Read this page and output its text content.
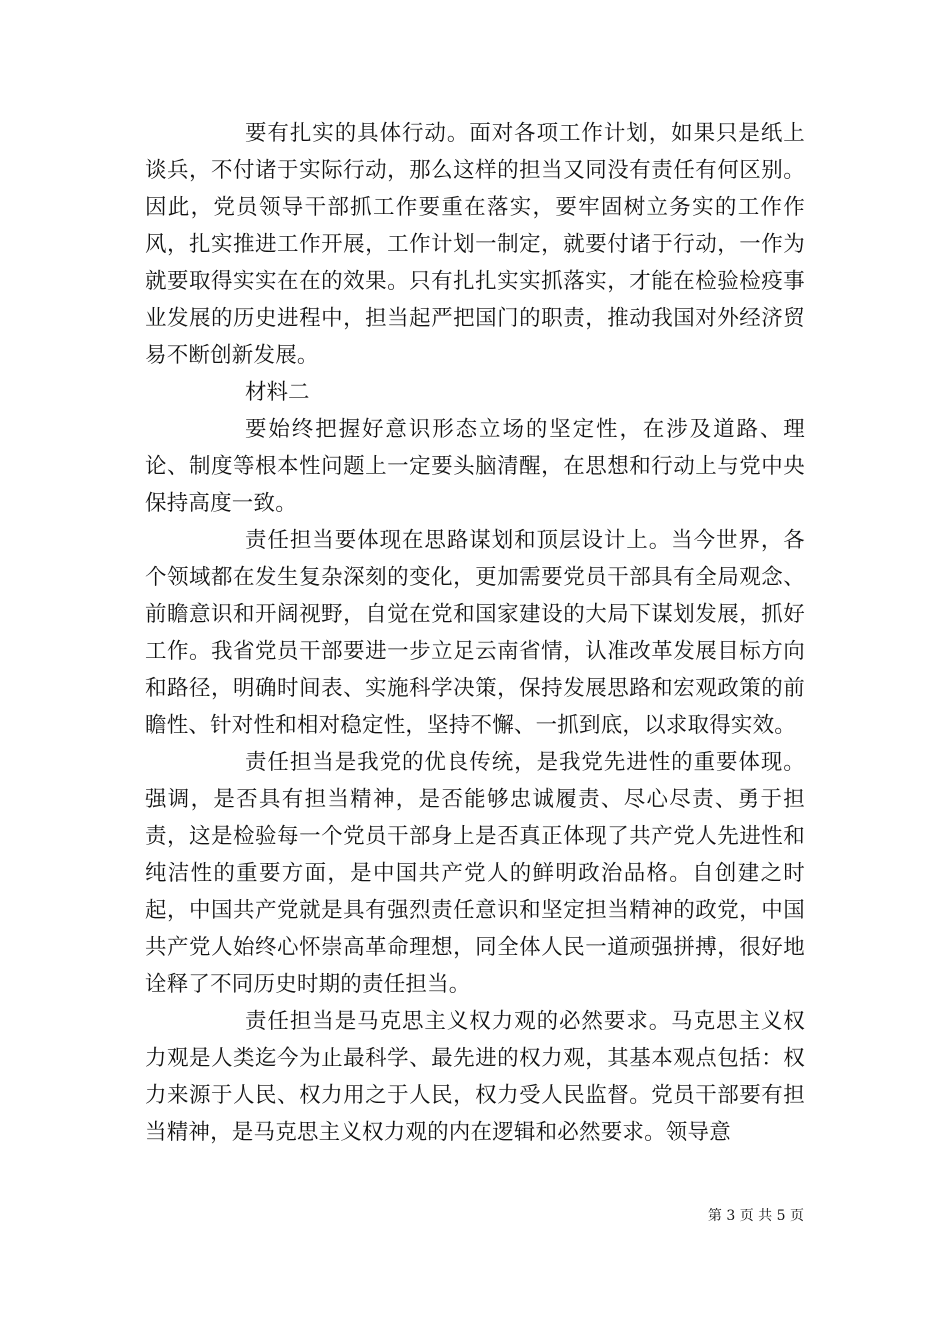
要有扎实的具体行动。面对各项工作计划，如果只是纸上谈兵，不付诸于实际行动，那么这样的担当又同没有责任有何区别。因此，党员领导干部抓工作要重在落实，要牢固树立务实的工作作风，扎实推进工作开展，工作计划一制定，就要付诸于行动，一作为就要取得实实在在的效果。只有扎扎实实抓落实，才能在检验检疫事业发展的历史进程中，担当起严把国门的职责，推动我国对外经济贸易不断创新发展。

材料二

要始终把握好意识形态立场的坚定性，在涉及道路、理论、制度等根本性问题上一定要头脑清醒，在思想和行动上与党中央保持高度一致。

责任担当要体现在思路谋划和顶层设计上。当今世界，各个领域都在发生复杂深刻的变化，更加需要党员干部具有全局观念、前瞻意识和开阔视野，自觉在党和国家建设的大局下谋划发展，抓好工作。我省党员干部要进一步立足云南省情，认准改革发展目标方向和路径，明确时间表、实施科学决策，保持发展思路和宏观政策的前瞻性、针对性和相对稳定性，坚持不懈、一抓到底，以求取得实效。

责任担当是我党的优良传统，是我党先进性的重要体现。强调，是否具有担当精神，是否能够忠诚履责、尽心尽责、勇于担责，这是检验每一个党员干部身上是否真正体现了共产党人先进性和纯洁性的重要方面，是中国共产党人的鲜明政治品格。自创建之时起，中国共产党就是具有强烈责任意识和坚定担当精神的政党，中国共产党人始终心怀崇高革命理想，同全体人民一道顽强拼搏，很好地诠释了不同历史时期的责任担当。

责任担当是马克思主义权力观的必然要求。马克思主义权力观是人类迄今为止最科学、最先进的权力观，其基本观点包括：权力来源于人民、权力用之于人民，权力受人民监督。党员干部要有担当精神，是马克思主义权力观的内在逻辑和必然要求。领导意

第 3 页 共 5 页
